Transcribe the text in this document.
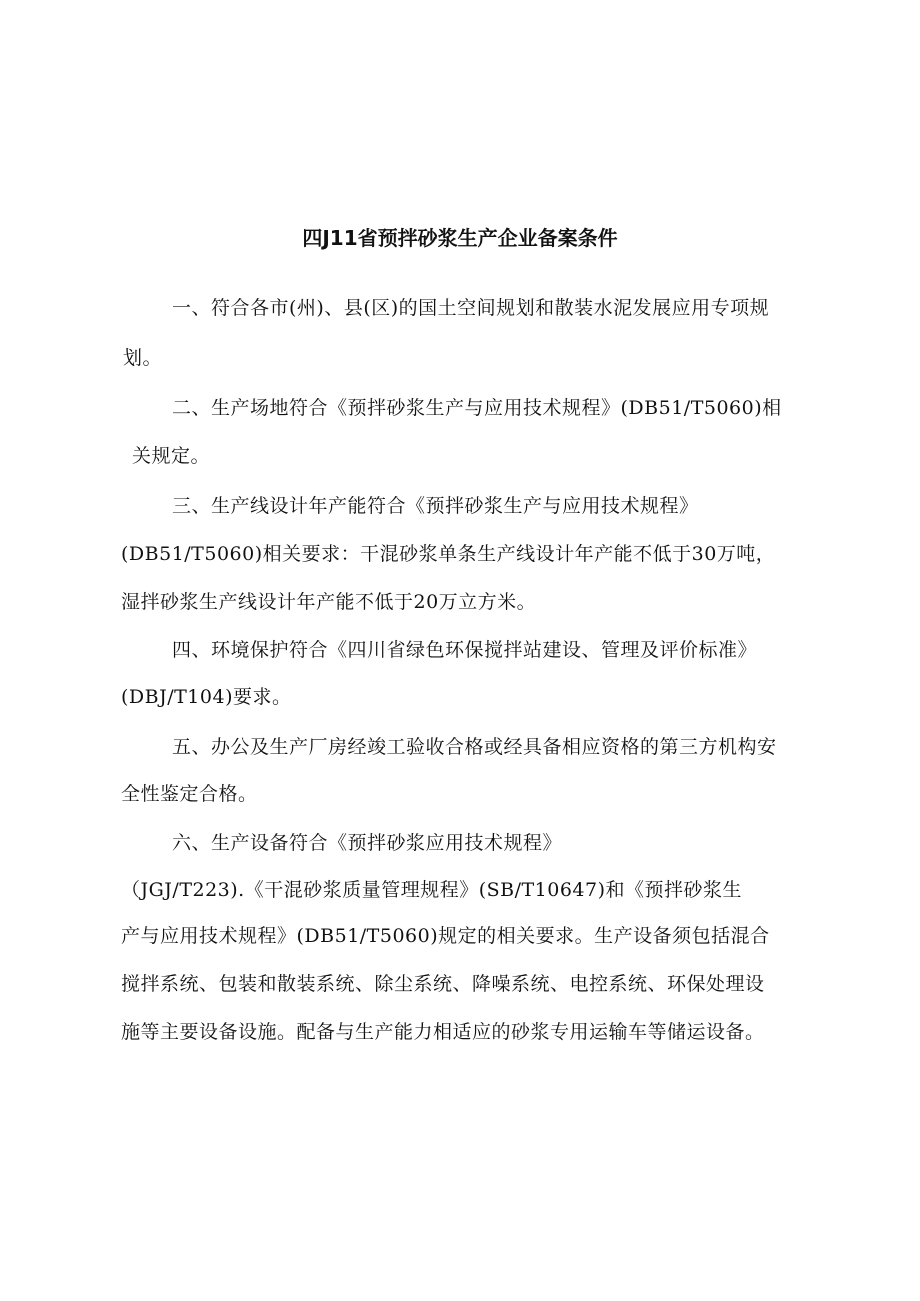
四J11省预拌砂浆生产企业备案条件
一、符合各市(州)、县(区)的国土空间规划和散装水泥发展应用专项规
划。
二、生产场地符合《预拌砂浆生产与应用技术规程》(DB51/T5060)相
关规定。
三、生产线设计年产能符合《预拌砂浆生产与应用技术规程》
(DB51/T5060)相关要求：干混砂浆单条生产线设计年产能不低于30万吨，
湿拌砂浆生产线设计年产能不低于20万立方米。
四、环境保护符合《四川省绿色环保搅拌站建设、管理及评价标准》
(DBJ/T104)要求。
五、办公及生产厂房经竣工验收合格或经具备相应资格的第三方机构安
全性鉴定合格。
六、生产设备符合《预拌砂浆应用技术规程》
（JGJ/T223).《干混砂浆质量管理规程》(SB/T10647)和《预拌砂浆生
产与应用技术规程》(DB51/T5060)规定的相关要求。生产设备须包括混合
搅拌系统、包装和散装系统、除尘系统、降噪系统、电控系统、环保处理设
施等主要设备设施。配备与生产能力相适应的砂浆专用运输车等储运设备。
